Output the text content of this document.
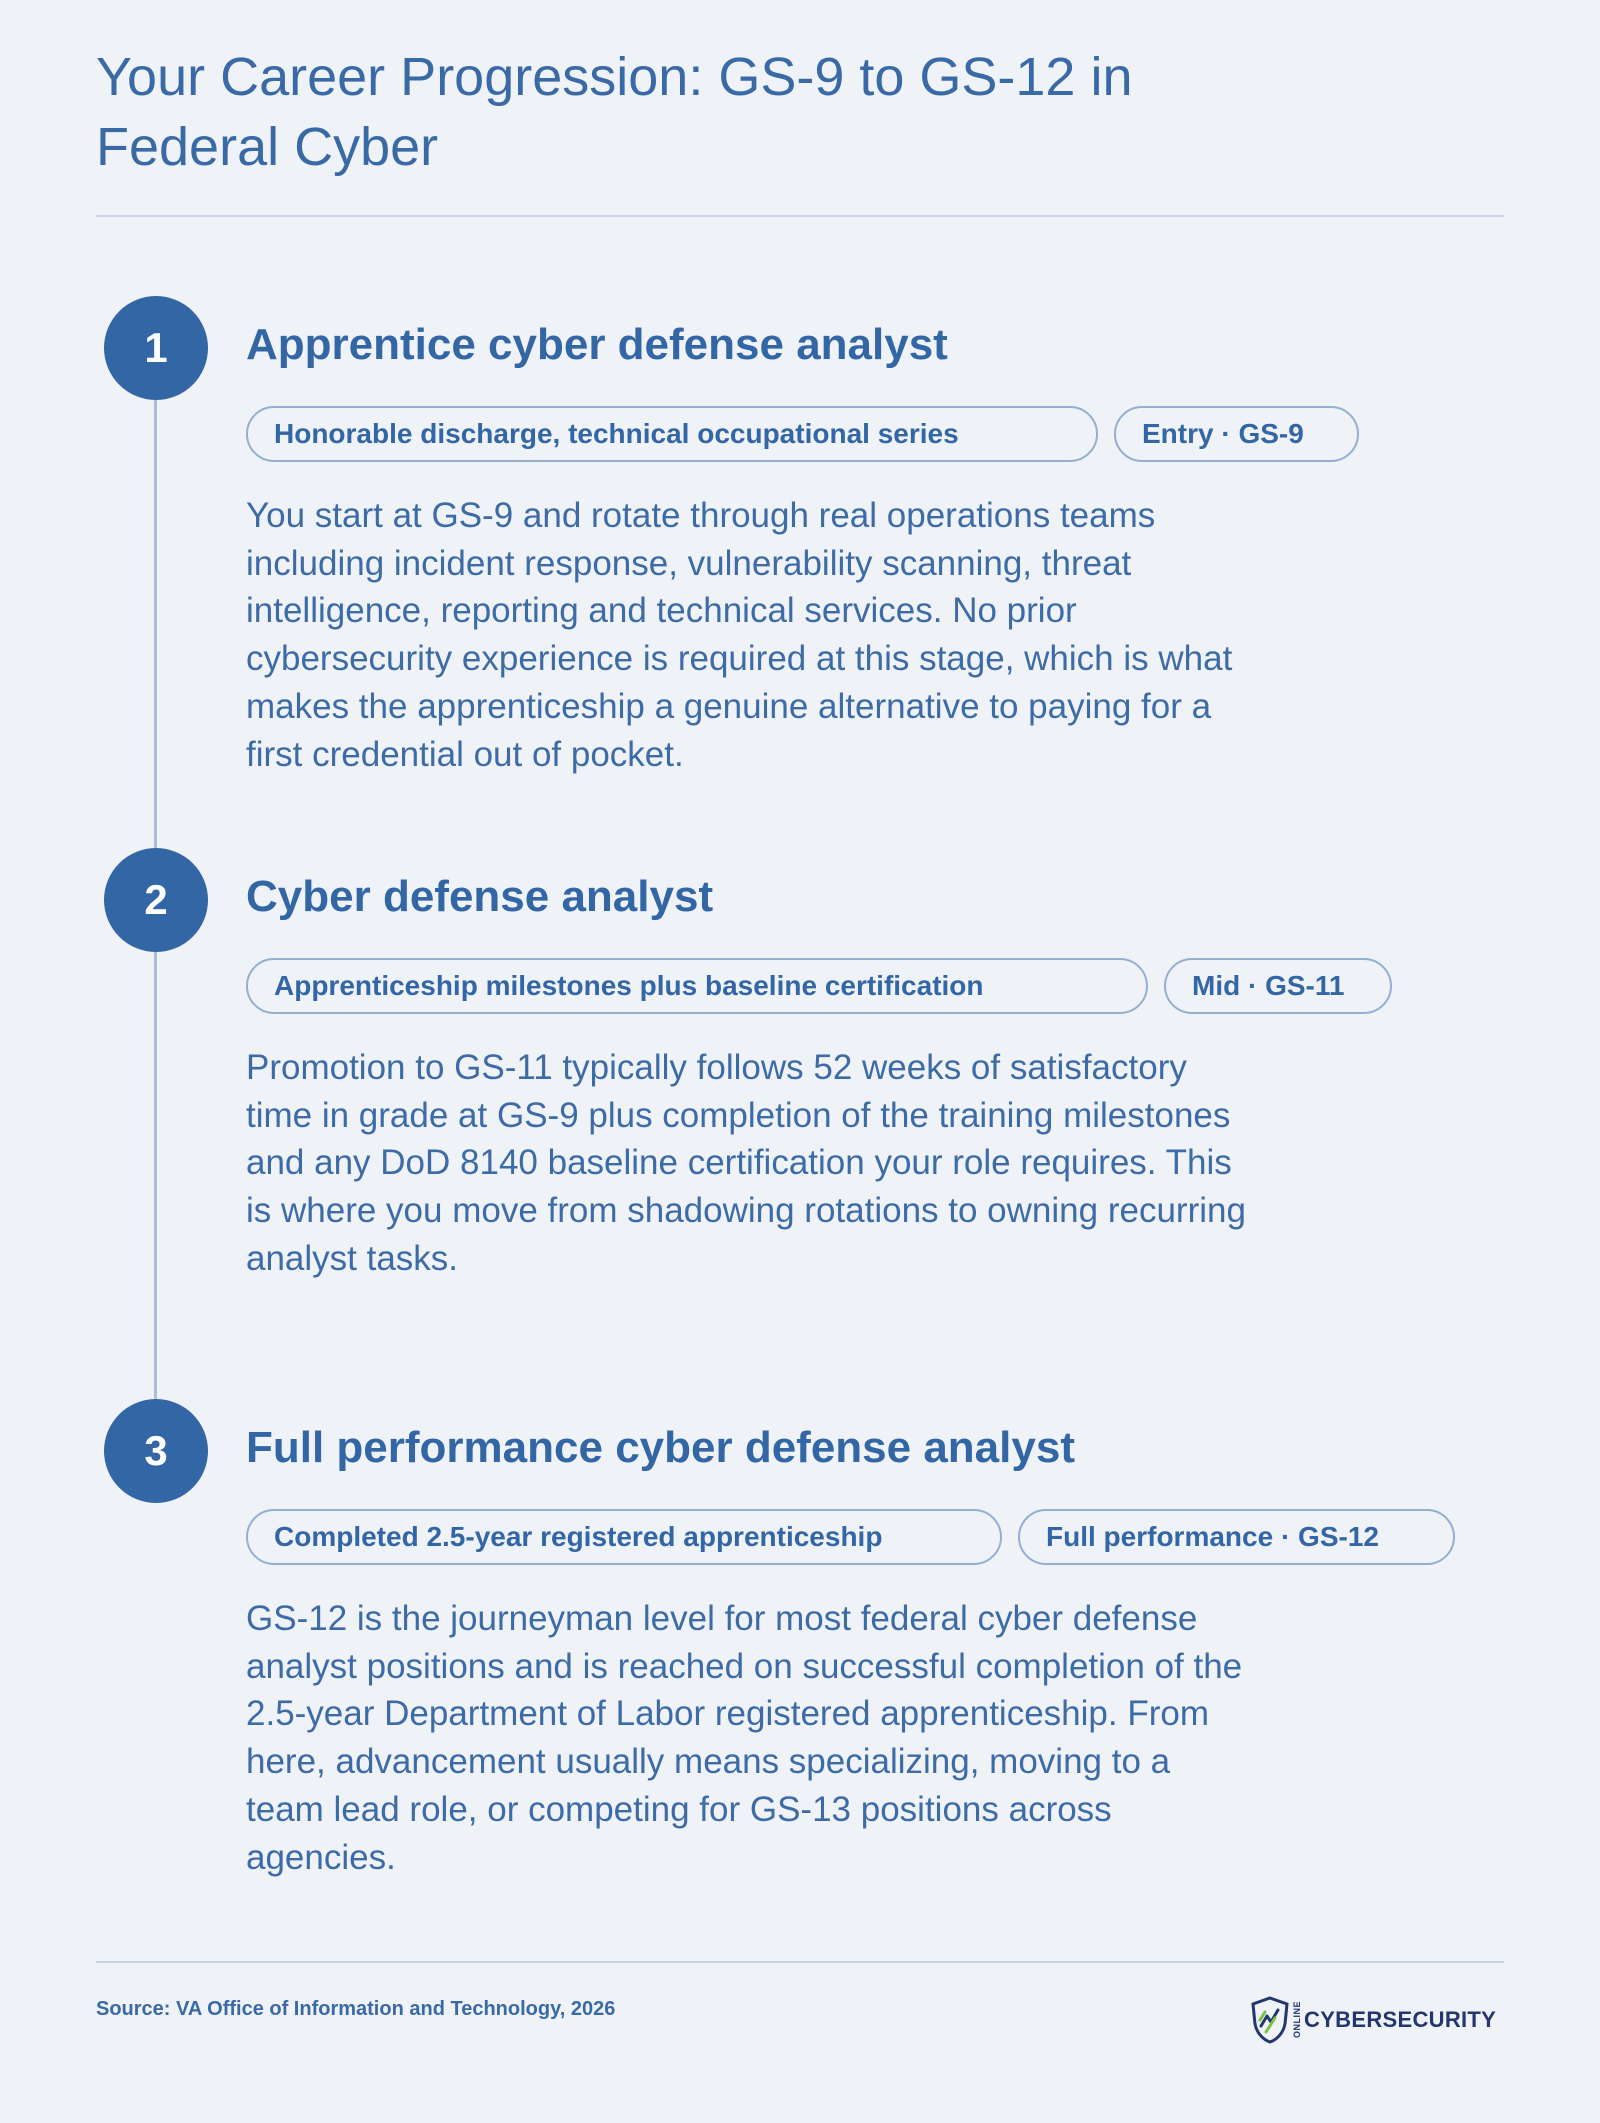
Your Career Progression: GS-9 to GS-12 in Federal Cyber
1	Apprentice cyber defense analyst
Honorable discharge, technical occupational series	Entry · GS-9

You start at GS-9 and rotate through real operations teams including incident response, vulnerability scanning, threat intelligence, reporting and technical services. No prior cybersecurity experience is required at this stage, which is what makes the apprenticeship a genuine alternative to paying for a first credential out of pocket.

2	Cyber defense analyst
Apprenticeship milestones plus baseline certification	Mid · GS-11

Promotion to GS-11 typically follows 52 weeks of satisfactory time in grade at GS-9 plus completion of the training milestones and any DoD 8140 baseline certification your role requires. This is where you move from shadowing rotations to owning recurring analyst tasks.

3	Full performance cyber defense analyst
Completed 2.5-year registered apprenticeship	Full performance · GS-12

GS-12 is the journeyman level for most federal cyber defense analyst positions and is reached on successful completion of the 2.5-year Department of Labor registered apprenticeship. From here, advancement usually means specializing, moving to a team lead role, or competing for GS-13 positions across agencies.

Source: VA Office of Information and Technology, 2026	ONLINE CYBERSECURITY
